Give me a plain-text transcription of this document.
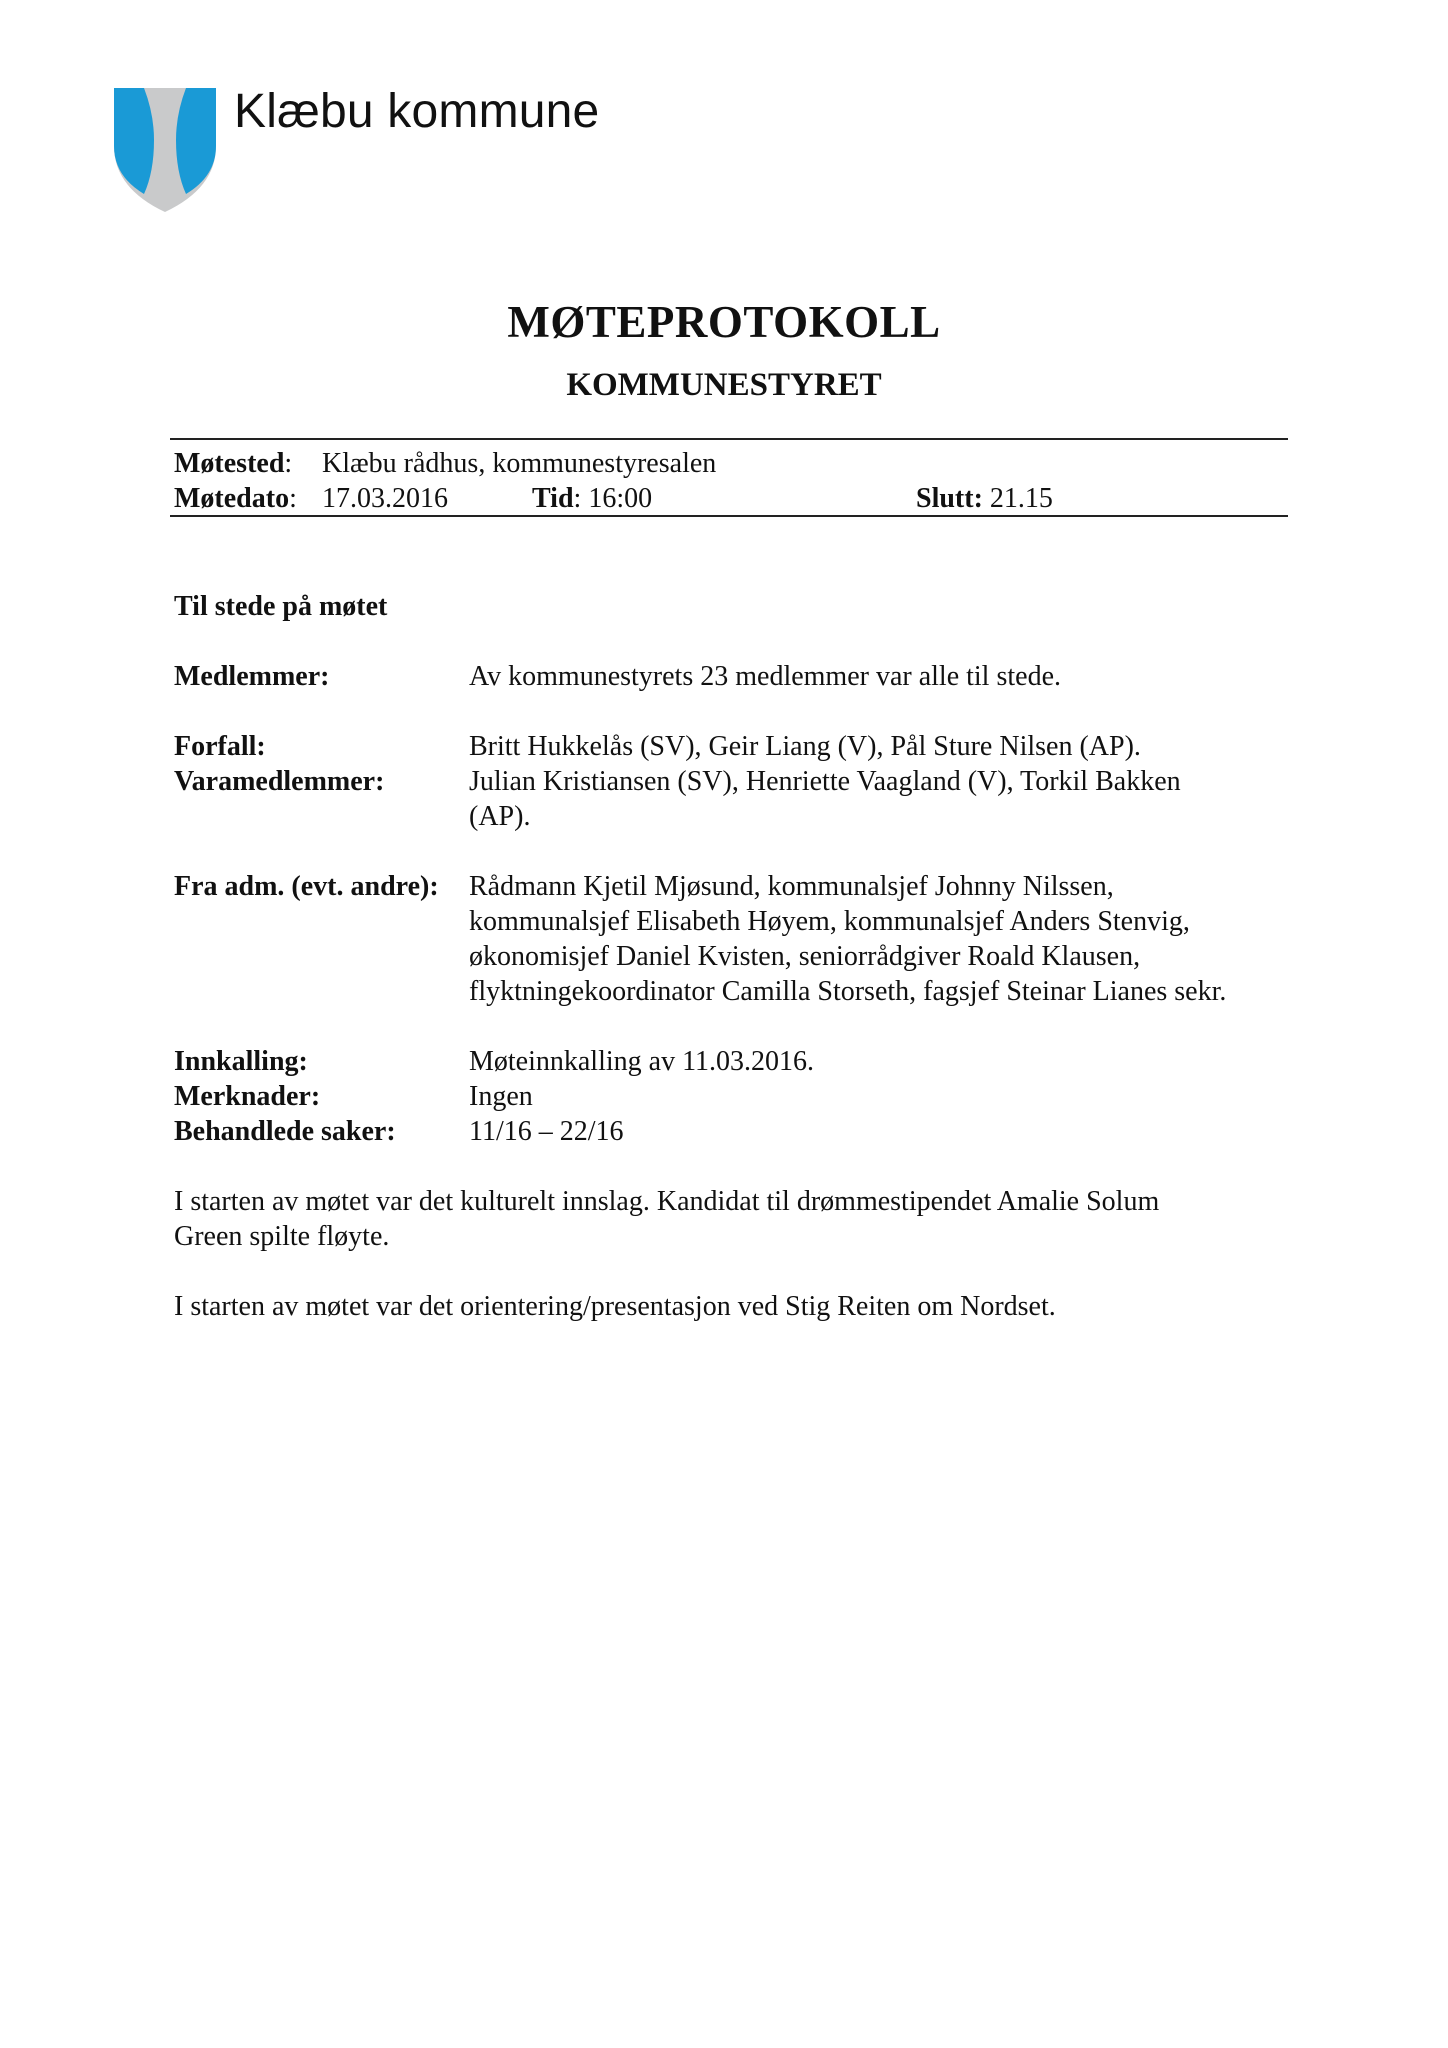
Klæbu kommune
MØTEPROTOKOLL
KOMMUNESTYRET
Møtested: Klæbu rådhus, kommunestyresalen
Møtedato: 17.03.2016	Tid: 16:00	Slutt: 21.15
Til stede på møtet
Medlemmer:	Av kommunestyrets 23 medlemmer var alle til stede.
Forfall:	Britt Hukkelås (SV), Geir Liang (V), Pål Sture Nilsen (AP).
Varamedlemmer:	Julian Kristiansen (SV), Henriette Vaagland (V), Torkil Bakken
(AP).
Fra adm. (evt. andre): Rådmann Kjetil Mjøsund, kommunalsjef Johnny Nilssen,
kommunalsjef Elisabeth Høyem, kommunalsjef Anders Stenvig,
økonomisjef Daniel Kvisten, seniorrådgiver Roald Klausen,
flyktningekoordinator Camilla Storseth, fagsjef Steinar Lianes sekr.
Innkalling:	Møteinnkalling av 11.03.2016.
Merknader:	Ingen
Behandlede saker:	11/16 – 22/16
I starten av møtet var det kulturelt innslag. Kandidat til drømmestipendet Amalie Solum
Green spilte fløyte.
I starten av møtet var det orientering/presentasjon ved Stig Reiten om Nordset.
